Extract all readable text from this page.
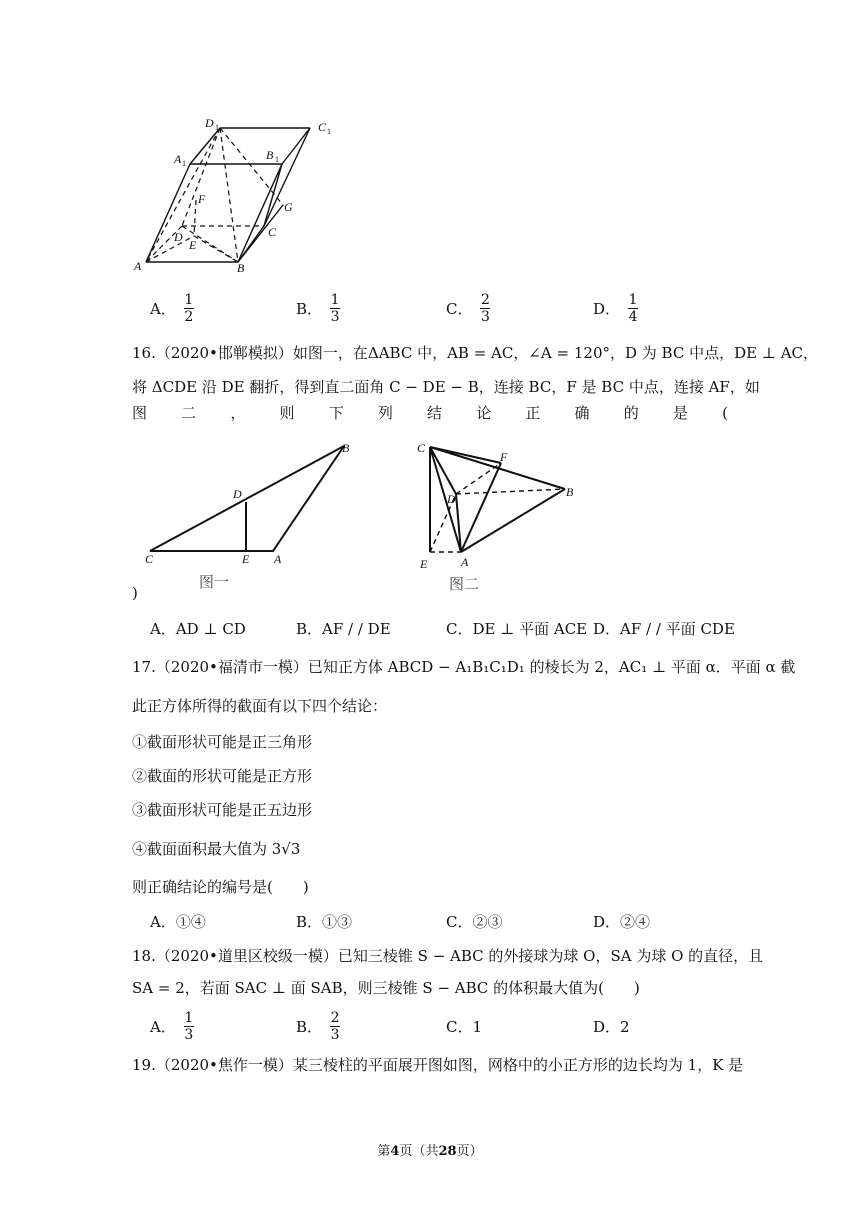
D 1	C 1
A 1
B 1
F
G
C
D
E
A	B
A． $\frac{1}{2}$	B． $\frac{1}{3}$	C． $\frac{2}{3}$	D． $\frac{1}{4}$
16.（2020•邯郸模拟）如图一，在ΔABC 中，AB = AC，∠A = 120°，D 为 BC 中点，DE ⊥ AC，
将 ΔCDE 沿 DE 翻折，得到直二面角 C − DE − B，连接 BC，F 是 BC 中点，连接 AF，如
图 二 ， 则 下 列 结 论 正 确 的 是 (
B
D
C	E A
图一
C
F
D	B
E	A
图二
)
A．AD ⊥ CD	B．AF / / DE	C．DE ⊥ 平面 ACE D．AF / / 平面 CDE
17.（2020•福清市一模）已知正方体 ABCD − A₁B₁C₁D₁ 的棱长为 2，AC₁ ⊥ 平面 α．平面 α 截
此正方体所得的截面有以下四个结论：
①截面形状可能是正三角形
②截面的形状可能是正方形
③截面形状可能是正五边形
④截面面积最大值为 3√3
则正确结论的编号是(　　)
A．①④	B．①③	C．②③	D．②④
18.（2020•道里区校级一模）已知三棱锥 S − ABC 的外接球为球 O，SA 为球 O 的直径，且
SA = 2，若面 SAC ⊥ 面 SAB，则三棱锥 S − ABC 的体积最大值为(　　)
A． $\frac{1}{3}$	B． $\frac{2}{3}$	C．1	D．2
19.（2020•焦作一模）某三棱柱的平面展开图如图，网格中的小正方形的边长均为 1，K 是
第4页（共28页）
